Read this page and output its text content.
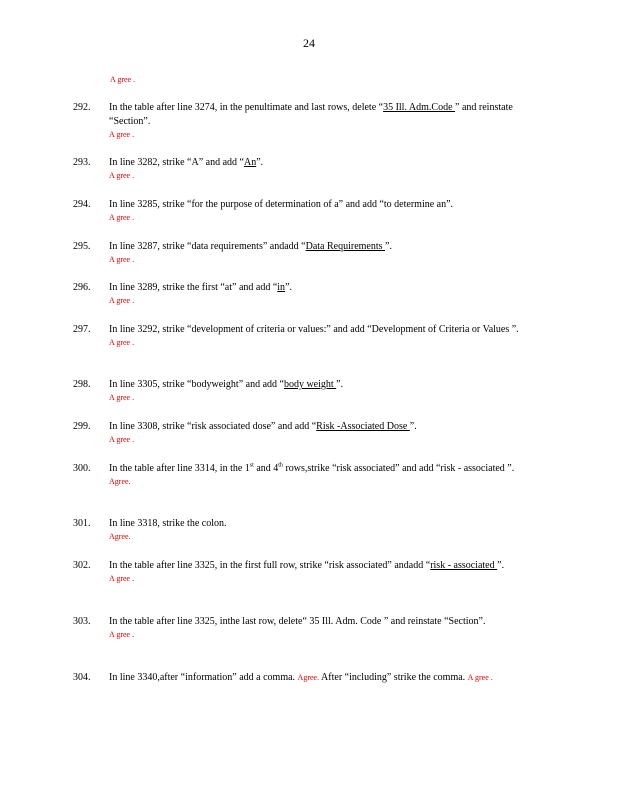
24
A gree .
292.	In the table after line 3274, in the penultimate and last rows, delete “35 Ill. Adm.Code ” and reinstate “Section”.
A gree .
293.	In line 3282, strike “A” and add “An”.
A gree .
294.	In line 3285, strike “for the purpose of determination of a” and add “to determine an”.
A gree .
295.	In line 3287, strike “data requirements” andadd “Data Requirements ”.
A gree .
296.	In line 3289, strike the first “at” and add “in”.
A gree .
297.	In line 3292, strike “development of criteria or values:” and add “Development of Criteria or Values ”.
A gree .
298.	In line 3305, strike “bodyweight” and add “body weight ”.
A gree .
299.	In line 3308, strike “risk associated dose” and add “Risk -Associated Dose ”.
A gree .
300.	In the table after line 3314, in the 1st and 4th rows,strike “risk associated” and add “risk - associated ”.
Agree.
301.	In line 3318, strike the colon.
Agree.
302.	In the table after line 3325, in the first full row, strike “risk associated” andadd “risk - associated ”.
A gree .
303.	In the table after line 3325, inthe last row, delete“ 35 Ill. Adm. Code ” and reinstate “Section”.
A gree .
304.	In line 3340,after “information” add a comma. Agree. After “including” strike the comma. A gree .
